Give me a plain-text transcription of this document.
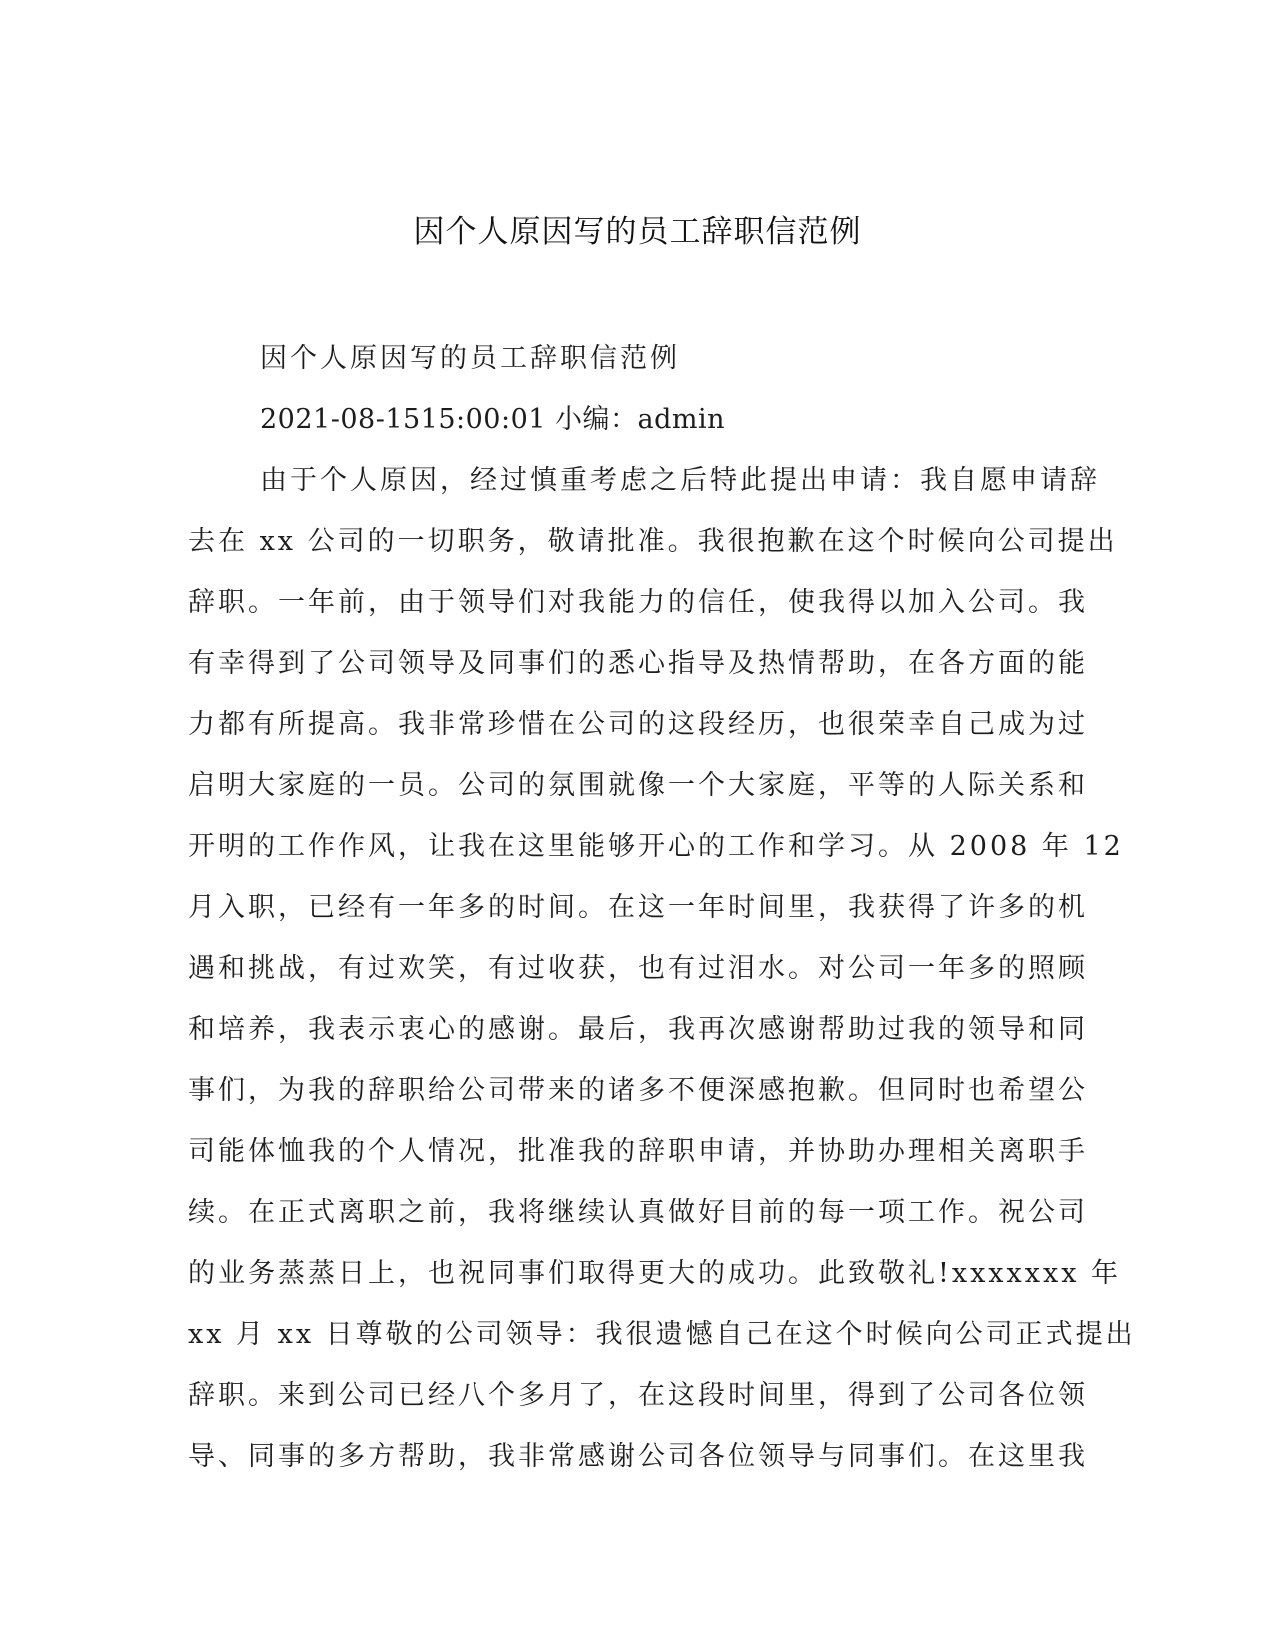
因个人原因写的员工辞职信范例
因个人原因写的员工辞职信范例
2021-08-1515:00:01 小编：admin
由于个人原因，经过慎重考虑之后特此提出申请：我自愿申请辞
去在 xx 公司的一切职务，敬请批准。我很抱歉在这个时候向公司提出
辞职。一年前，由于领导们对我能力的信任，使我得以加入公司。我
有幸得到了公司领导及同事们的悉心指导及热情帮助，在各方面的能
力都有所提高。我非常珍惜在公司的这段经历，也很荣幸自己成为过
启明大家庭的一员。公司的氛围就像一个大家庭，平等的人际关系和
开明的工作作风，让我在这里能够开心的工作和学习。从 2008 年 12
月入职，已经有一年多的时间。在这一年时间里，我获得了许多的机
遇和挑战，有过欢笑，有过收获，也有过泪水。对公司一年多的照顾
和培养，我表示衷心的感谢。最后，我再次感谢帮助过我的领导和同
事们，为我的辞职给公司带来的诸多不便深感抱歉。但同时也希望公
司能体恤我的个人情况，批准我的辞职申请，并协助办理相关离职手
续。在正式离职之前，我将继续认真做好目前的每一项工作。祝公司
的业务蒸蒸日上，也祝同事们取得更大的成功。此致敬礼!xxxxxxx 年
xx 月 xx 日尊敬的公司领导：我很遗憾自己在这个时候向公司正式提出
辞职。来到公司已经八个多月了，在这段时间里，得到了公司各位领
导、同事的多方帮助，我非常感谢公司各位领导与同事们。在这里我
